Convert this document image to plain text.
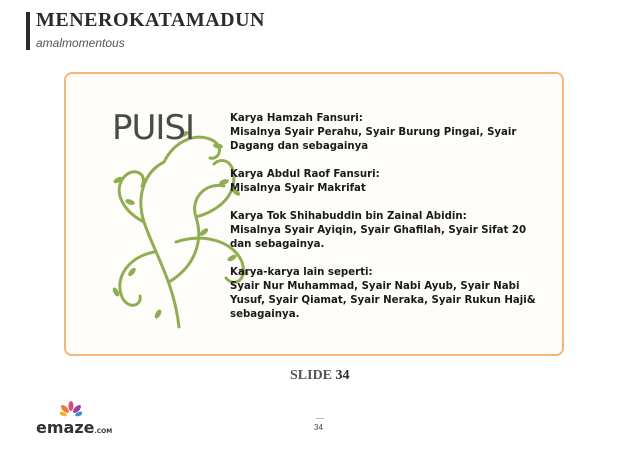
MENEROKATAMADUN
amalmomentous
PUISI	Karya Hamzah Fansuri:
Misalnya Syair Perahu, Syair Burung Pingai, Syair Dagang dan sebagainya

Karya Abdul Raof Fansuri:
Misalnya Syair Makrifat

Karya Tok Shihabuddin bin Zainal Abidin:
Misalnya Syair Ayiqin, Syair Ghafilah, Syair Sifat 20 dan sebagainya.

Karya-karya lain seperti:
Syair Nur Muhammad, Syair Nabi Ayub, Syair Nabi Yusuf, Syair Qiamat, Syair Neraka, Syair Rukun Haji& sebagainya.

SLIDE 34
34
emaze.COM
